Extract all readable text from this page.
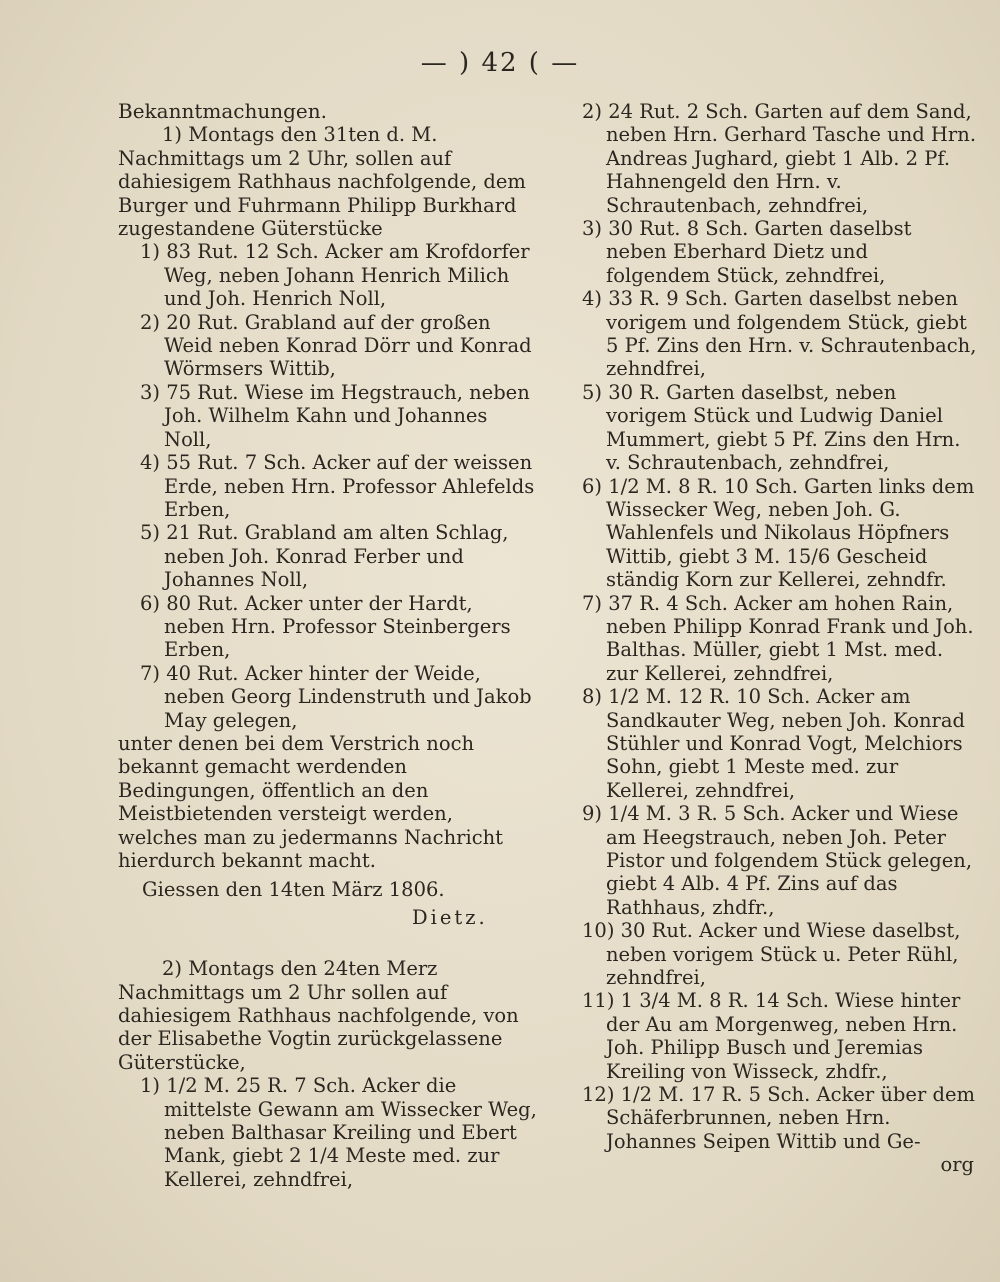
— ) 42 ( —

Bekanntmachungen.

1) Montags den 31ten d. M. Nachmittags um 2 Uhr, sollen auf dahiesigem Rathhaus nachfolgende, dem Burger und Fuhrmann Philipp Burkhard zugestandene Güterstücke

1) 83 Rut. 12 Sch. Acker am Krofdorfer Weg, neben Johann Henrich Milich und Joh. Henrich Noll,

2) 20 Rut. Grabland auf der großen Weid neben Konrad Dörr und Konrad Wörmsers Wittib,

3) 75 Rut. Wiese im Hegstrauch, neben Joh. Wilhelm Kahn und Johannes Noll,

4) 55 Rut. 7 Sch. Acker auf der weissen Erde, neben Hrn. Professor Ahlefelds Erben,

5) 21 Rut. Grabland am alten Schlag, neben Joh. Konrad Ferber und Johannes Noll,

6) 80 Rut. Acker unter der Hardt, neben Hrn. Professor Steinbergers Erben,

7) 40 Rut. Acker hinter der Weide, neben Georg Lindenstruth und Jakob May gelegen,

unter denen bei dem Verstrich noch bekannt gemacht werdenden Bedingungen, öffentlich an den Meistbietenden versteigt werden, welches man zu jedermanns Nachricht hierdurch bekannt macht.

Giessen den 14ten März 1806.

Dietz.

2) Montags den 24ten Merz Nachmittags um 2 Uhr sollen auf dahiesigem Rathhaus nachfolgende, von der Elisabethe Vogtin zurückgelassene Güterstücke,

1) 1/2 M. 25 R. 7 Sch. Acker die mittelste Gewann am Wissecker Weg, neben Balthasar Kreiling und Ebert Mank, giebt 2 1/4 Meste med. zur Kellerei, zehndfrei,

2) 24 Rut. 2 Sch. Garten auf dem Sand, neben Hrn. Gerhard Tasche und Hrn. Andreas Jughard, giebt 1 Alb. 2 Pf. Hahnengeld den Hrn. v. Schrautenbach, zehndfrei,

3) 30 Rut. 8 Sch. Garten daselbst neben Eberhard Dietz und folgendem Stück, zehndfrei,

4) 33 R. 9 Sch. Garten daselbst neben vorigem und folgendem Stück, giebt 5 Pf. Zins den Hrn. v. Schrautenbach, zehndfrei,

5) 30 R. Garten daselbst, neben vorigem Stück und Ludwig Daniel Mummert, giebt 5 Pf. Zins den Hrn. v. Schrautenbach, zehndfrei,

6) 1/2 M. 8 R. 10 Sch. Garten links dem Wissecker Weg, neben Joh. G. Wahlenfels und Nikolaus Höpfners Wittib, giebt 3 M. 15/6 Gescheid ständig Korn zur Kellerei, zehndfr.

7) 37 R. 4 Sch. Acker am hohen Rain, neben Philipp Konrad Frank und Joh. Balthas. Müller, giebt 1 Mst. med. zur Kellerei, zehndfrei,

8) 1/2 M. 12 R. 10 Sch. Acker am Sandkauter Weg, neben Joh. Konrad Stühler und Konrad Vogt, Melchiors Sohn, giebt 1 Meste med. zur Kellerei, zehndfrei,

9) 1/4 M. 3 R. 5 Sch. Acker und Wiese am Heegstrauch, neben Joh. Peter Pistor und folgendem Stück gelegen, giebt 4 Alb. 4 Pf. Zins auf das Rathhaus, zhdfr.,

10) 30 Rut. Acker und Wiese daselbst, neben vorigem Stück u. Peter Rühl, zehndfrei,

11) 1 3/4 M. 8 R. 14 Sch. Wiese hinter der Au am Morgenweg, neben Hrn. Joh. Philipp Busch und Jeremias Kreiling von Wisseck, zhdfr.,

12) 1/2 M. 17 R. 5 Sch. Acker über dem Schäferbrunnen, neben Hrn. Johannes Seipen Wittib und Ge-

org
